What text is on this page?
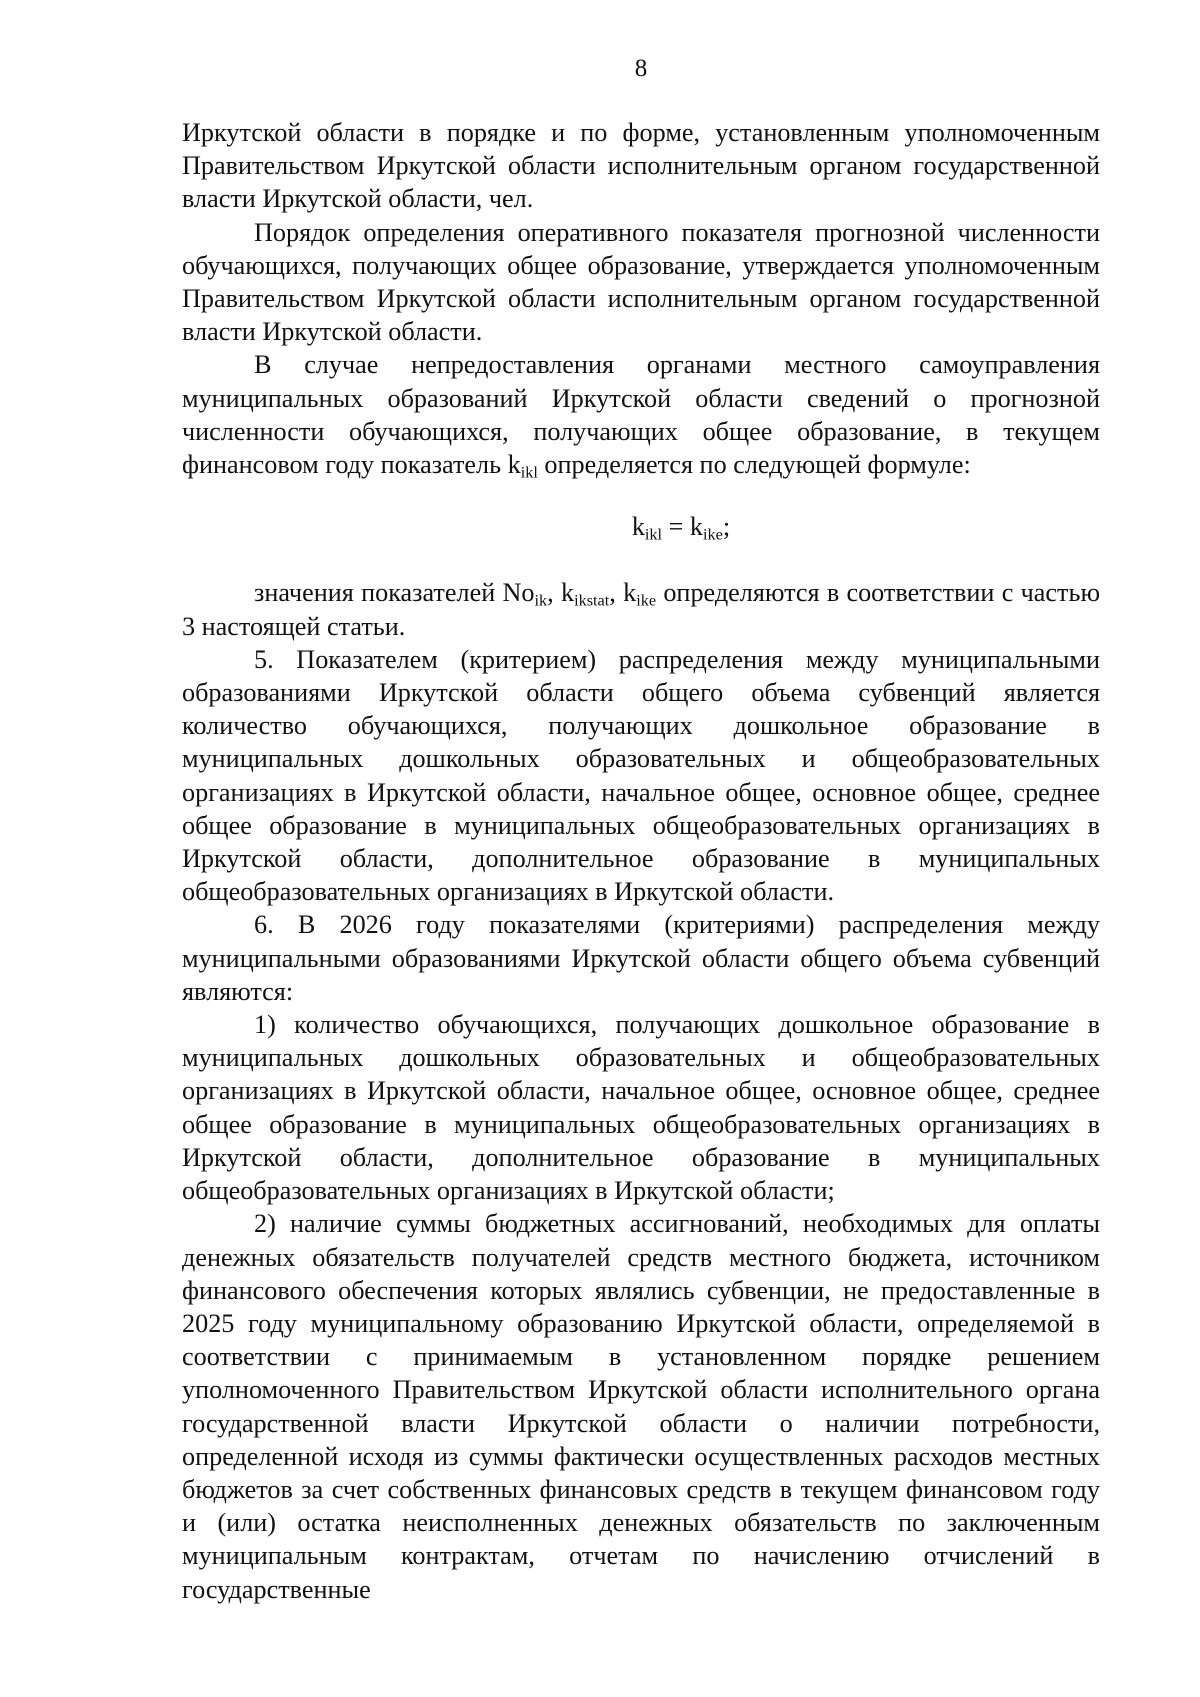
8

Иркутской области в порядке и по форме, установленным уполномоченным Правительством Иркутской области исполнительным органом государственной власти Иркутской области, чел.

Порядок определения оперативного показателя прогнозной численности обучающихся, получающих общее образование, утверждается уполномоченным Правительством Иркутской области исполнительным органом государственной власти Иркутской области.

В случае непредоставления органами местного самоуправления муниципальных образований Иркутской области сведений о прогнозной численности обучающихся, получающих общее образование, в текущем финансовом году показатель $k_{ikl}$ определяется по следующей формуле:

$k_{ikl} = k_{ike}$;

значения показателей $No_{ik}$, $k_{ikstat}$, $k_{ike}$ определяются в соответствии с частью 3 настоящей статьи.

5. Показателем (критерием) распределения между муниципальными образованиями Иркутской области общего объема субвенций является количество обучающихся, получающих дошкольное образование в муниципальных дошкольных образовательных и общеобразовательных организациях в Иркутской области, начальное общее, основное общее, среднее общее образование в муниципальных общеобразовательных организациях в Иркутской области, дополнительное образование в муниципальных общеобразовательных организациях в Иркутской области.

6. В 2026 году показателями (критериями) распределения между муниципальными образованиями Иркутской области общего объема субвенций являются:

1) количество обучающихся, получающих дошкольное образование в муниципальных дошкольных образовательных и общеобразовательных организациях в Иркутской области, начальное общее, основное общее, среднее общее образование в муниципальных общеобразовательных организациях в Иркутской области, дополнительное образование в муниципальных общеобразовательных организациях в Иркутской области;

2) наличие суммы бюджетных ассигнований, необходимых для оплаты денежных обязательств получателей средств местного бюджета, источником финансового обеспечения которых являлись субвенции, не предоставленные в 2025 году муниципальному образованию Иркутской области, определяемой в соответствии с принимаемым в установленном порядке решением уполномоченного Правительством Иркутской области исполнительного органа государственной власти Иркутской области о наличии потребности, определенной исходя из суммы фактически осуществленных расходов местных бюджетов за счет собственных финансовых средств в текущем финансовом году и (или) остатка неисполненных денежных обязательств по заключенным муниципальным контрактам, отчетам по начислению отчислений в государственные
